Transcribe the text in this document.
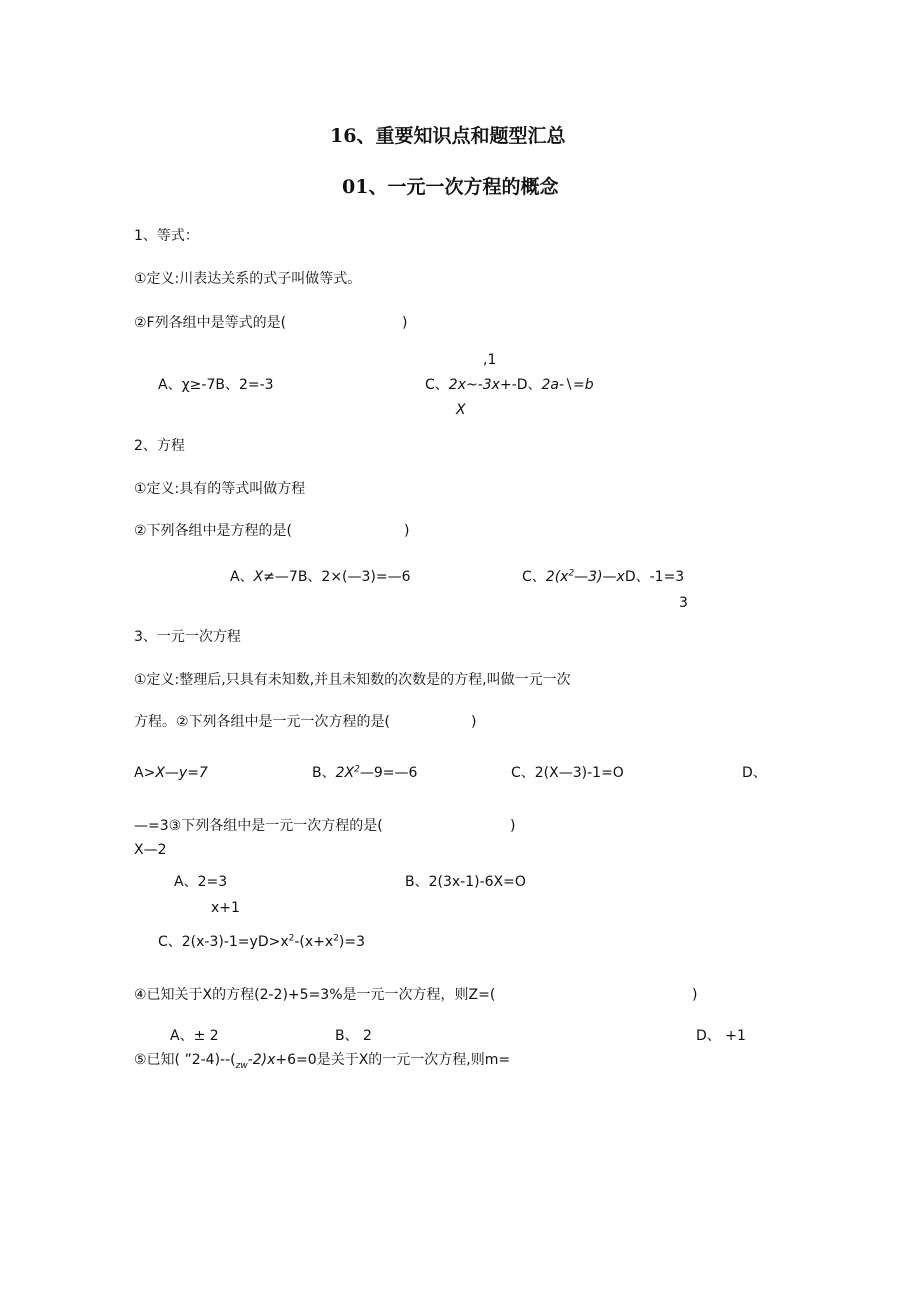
16、重要知识点和题型汇总
01、一元一次方程的概念
1、等式：
①定义:川表达关系的式子叫做等式。
②F列各组中是等式的是(	)
,1
A、χ≥-7B、2=-3	C、2x~-3x+-D、2a-∖=b
X
2、方程
①定义:具有的等式叫做方程
②下列各组中是方程的是(	)
A、X≠—7B、2×(—3)=—6	C、$2(x^2—3)—xD$、-1=3
3
3、一元一次方程
①定义:整理后,只具有未知数,并且未知数的次数是的方程,叫做一元一次
方程。②下列各组中是一元一次方程的是(	)
A>X—y=7	B、$2X^2—9=—6$	C、2(X—3)-1=O	D、
—=3③下列各组中是一元一次方程的是(	)
X—2
A、2=3	B、2(3x-1)-6X=O
x+1
C、$2(x-3)-1=yD>x^2-(x+x^2)=3$
④已知关于X的方程(2-2)+5=3%是一元一次方程，则Z=(	)
A、± 2	B、 2	D、 +1
⑤已知( $”2-4)--(_{zw}-2)x+6=0$是关于X的一元一次方程,则m=
